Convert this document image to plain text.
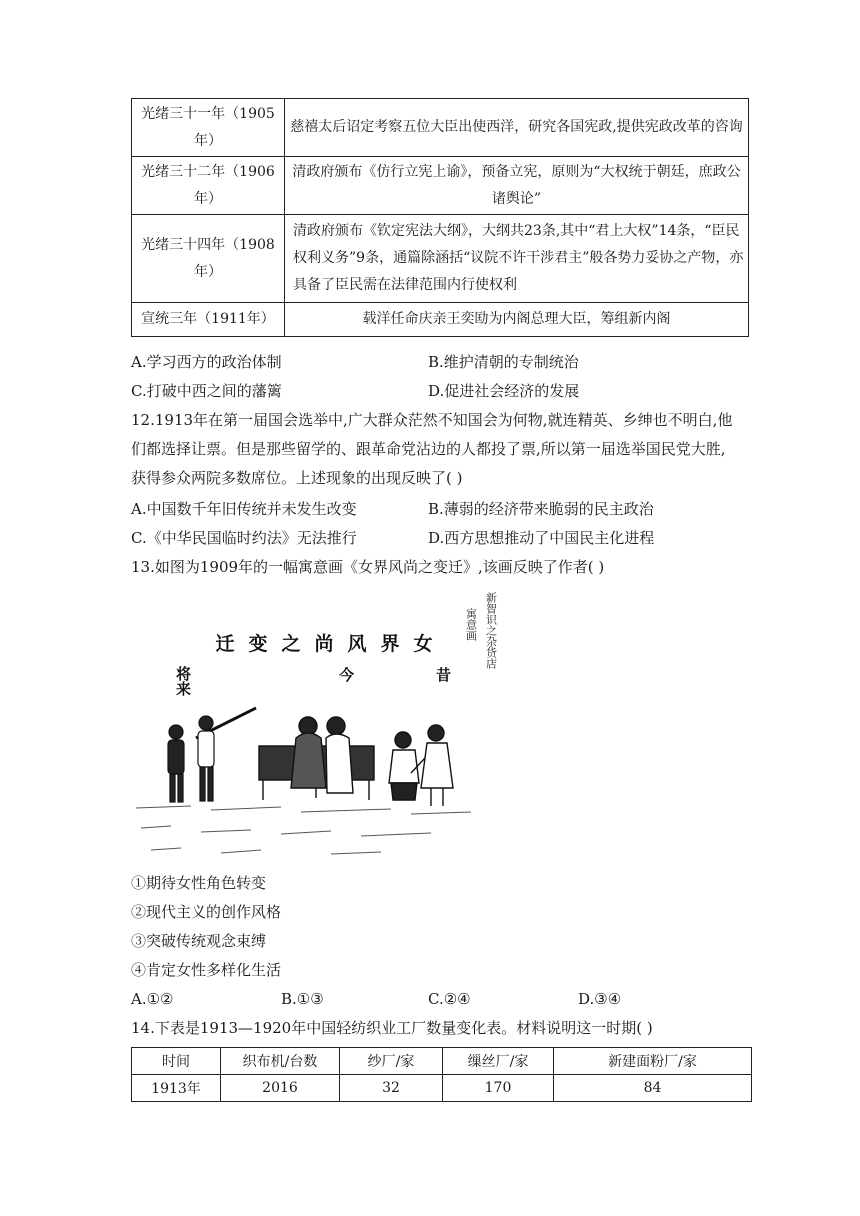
光绪三十一年（1905年）	慈禧太后诏定考察五位大臣出使西洋，研究各国宪政,提供宪政改革的咨询
光绪三十二年（1906年）	清政府颁布《仿行立宪上谕》，预备立宪，原则为“大权统于朝廷，庶政公诸舆论”
光绪三十四年（1908年）	清政府颁布《钦定宪法大纲》，大纲共23条,其中“君上大权”14条，“臣民权利义务”9条，通篇除涵括“议院不许干涉君主”般各势力妥协之产物，亦具备了臣民需在法律范围内行使权利
宣统三年（1911年）	载洋任命庆亲王奕劻为内阁总理大臣，筹组新内阁
A.学习西方的政治体制	B.维护清朝的专制统治
C.打破中西之间的藩篱	D.促进社会经济的发展
12.1913年在第一届国会选举中,广大群众茫然不知国会为何物,就连精英、乡绅也不明白,他
们都选择让票。但是那些留学的、跟革命党沾边的人都投了票,所以第一届选举国民党大胜,
获得参众两院多数席位。上述现象的出现反映了( )
A.中国数千年旧传统并未发生改变	B.薄弱的经济带来脆弱的民主政治
C.《中华民国临时约法》无法推行	D.西方思想推动了中国民主化进程
13.如图为1909年的一幅寓意画《女界风尚之变迁》,该画反映了作者( )
新智识之杂货店
寓意画
女界风尚之变迁
昔
今
将来
①期待女性角色转变
②现代主义的创作风格
③突破传统观念束缚
④肯定女性多样化生活
A.①②	B.①③	C.②④	D.③④
14.下表是1913—1920年中国轻纺织业工厂数量变化表。材料说明这一时期( )
时间	织布机/台数	纱厂/家	缫丝厂/家	新建面粉厂/家
1913年	2016	32	170	84
